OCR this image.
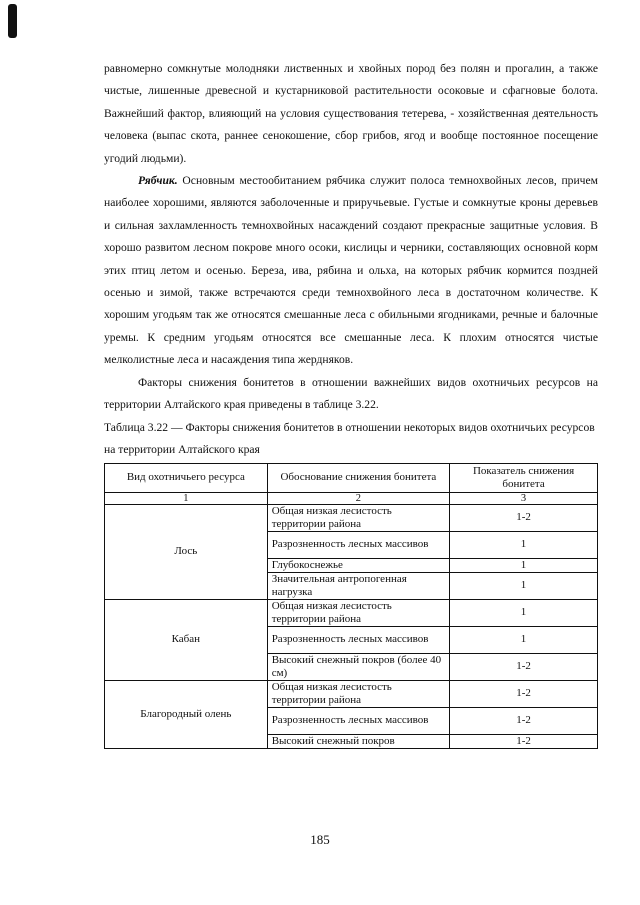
равномерно сомкнутые молодняки лиственных и хвойных пород без полян и прогалин, а также чистые, лишенные древесной и кустарниковой растительности осоковые и сфагновые болота. Важнейший фактор, влияющий на условия существования тетерева, - хозяйственная деятельность человека (выпас скота, раннее сенокошение, сбор грибов, ягод и вообще постоянное посещение угодий людьми).

Рябчик. Основным местообитанием рябчика служит полоса темнохвойных лесов, причем наиболее хорошими, являются заболоченные и приручьевые. Густые и сомкнутые кроны деревьев и сильная захламленность темнохвойных насаждений создают прекрасные защитные условия. В хорошо развитом лесном покрове много осоки, кислицы и черники, составляющих основной корм этих птиц летом и осенью. Береза, ива, рябина и ольха, на которых рябчик кормится поздней осенью и зимой, также встречаются среди темнохвойного леса в достаточном количестве. К хорошим угодьям так же относятся смешанные леса с обильными ягодниками, речные и балочные уремы. К средним угодьям относятся все смешанные леса. К плохим относятся чистые мелколистные леса и насаждения типа жердняков.

Факторы снижения бонитетов в отношении важнейших видов охотничьих ресурсов на территории Алтайского края приведены в таблице 3.22.

Таблица 3.22 — Факторы снижения бонитетов в отношении некоторых видов охотничьих ресурсов на территории Алтайского края

Вид охотничьего ресурса	Обоснование снижения бонитета	Показатель снижения бонитета
1	2	3
Лось	Общая низкая лесистость территории района	1-2
	Разрозненность лесных массивов	1
	Глубокоснежье	1
	Значительная антропогенная нагрузка	1
Кабан	Общая низкая лесистость территории района	1
	Разрозненность лесных массивов	1
	Высокий снежный покров (более 40 см)	1-2
Благородный олень	Общая низкая лесистость территории района	1-2
	Разрозненность лесных массивов	1-2
	Высокий снежный покров	1-2
185
